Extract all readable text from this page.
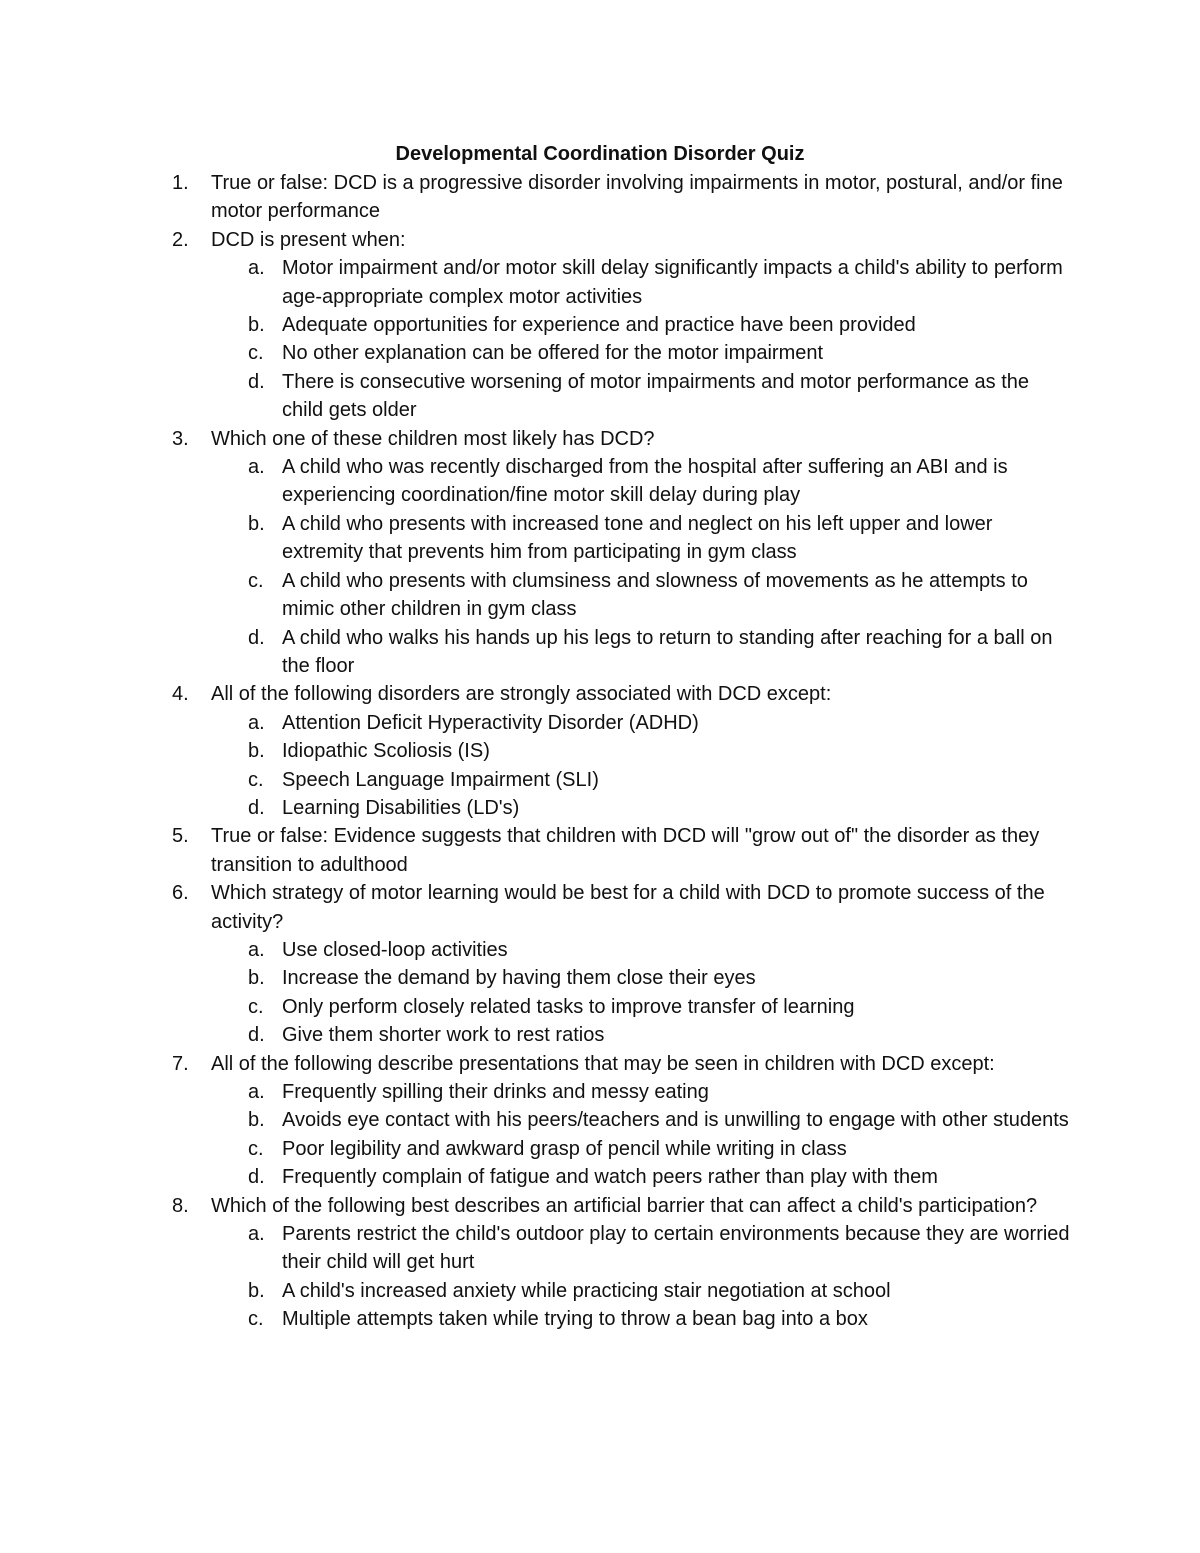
Developmental Coordination Disorder Quiz
1.	True or false: DCD is a progressive disorder involving impairments in motor, postural, and/or fine motor performance
2.	DCD is present when:
a. Motor impairment and/or motor skill delay significantly impacts a child's ability to perform age-appropriate complex motor activities
b. Adequate opportunities for experience and practice have been provided
c. No other explanation can be offered for the motor impairment
d. There is consecutive worsening of motor impairments and motor performance as the child gets older
3.	Which one of these children most likely has DCD?
a. A child who was recently discharged from the hospital after suffering an ABI and is experiencing coordination/fine motor skill delay during play
b. A child who presents with increased tone and neglect on his left upper and lower extremity that prevents him from participating in gym class
c. A child who presents with clumsiness and slowness of movements as he attempts to mimic other children in gym class
d. A child who walks his hands up his legs to return to standing after reaching for a ball on the floor
4.	All of the following disorders are strongly associated with DCD except:
a. Attention Deficit Hyperactivity Disorder (ADHD)
b. Idiopathic Scoliosis (IS)
c. Speech Language Impairment (SLI)
d. Learning Disabilities (LD's)
5.	True or false: Evidence suggests that children with DCD will "grow out of" the disorder as they transition to adulthood
6.	Which strategy of motor learning would be best for a child with DCD to promote success of the activity?
a. Use closed-loop activities
b. Increase the demand by having them close their eyes
c. Only perform closely related tasks to improve transfer of learning
d. Give them shorter work to rest ratios
7.	All of the following describe presentations that may be seen in children with DCD except:
a. Frequently spilling their drinks and messy eating
b. Avoids eye contact with his peers/teachers and is unwilling to engage with other students
c. Poor legibility and awkward grasp of pencil while writing in class
d. Frequently complain of fatigue and watch peers rather than play with them
8.	Which of the following best describes an artificial barrier that can affect a child's participation?
a. Parents restrict the child's outdoor play to certain environments because they are worried their child will get hurt
b. A child's increased anxiety while practicing stair negotiation at school
c. Multiple attempts taken while trying to throw a bean bag into a box
